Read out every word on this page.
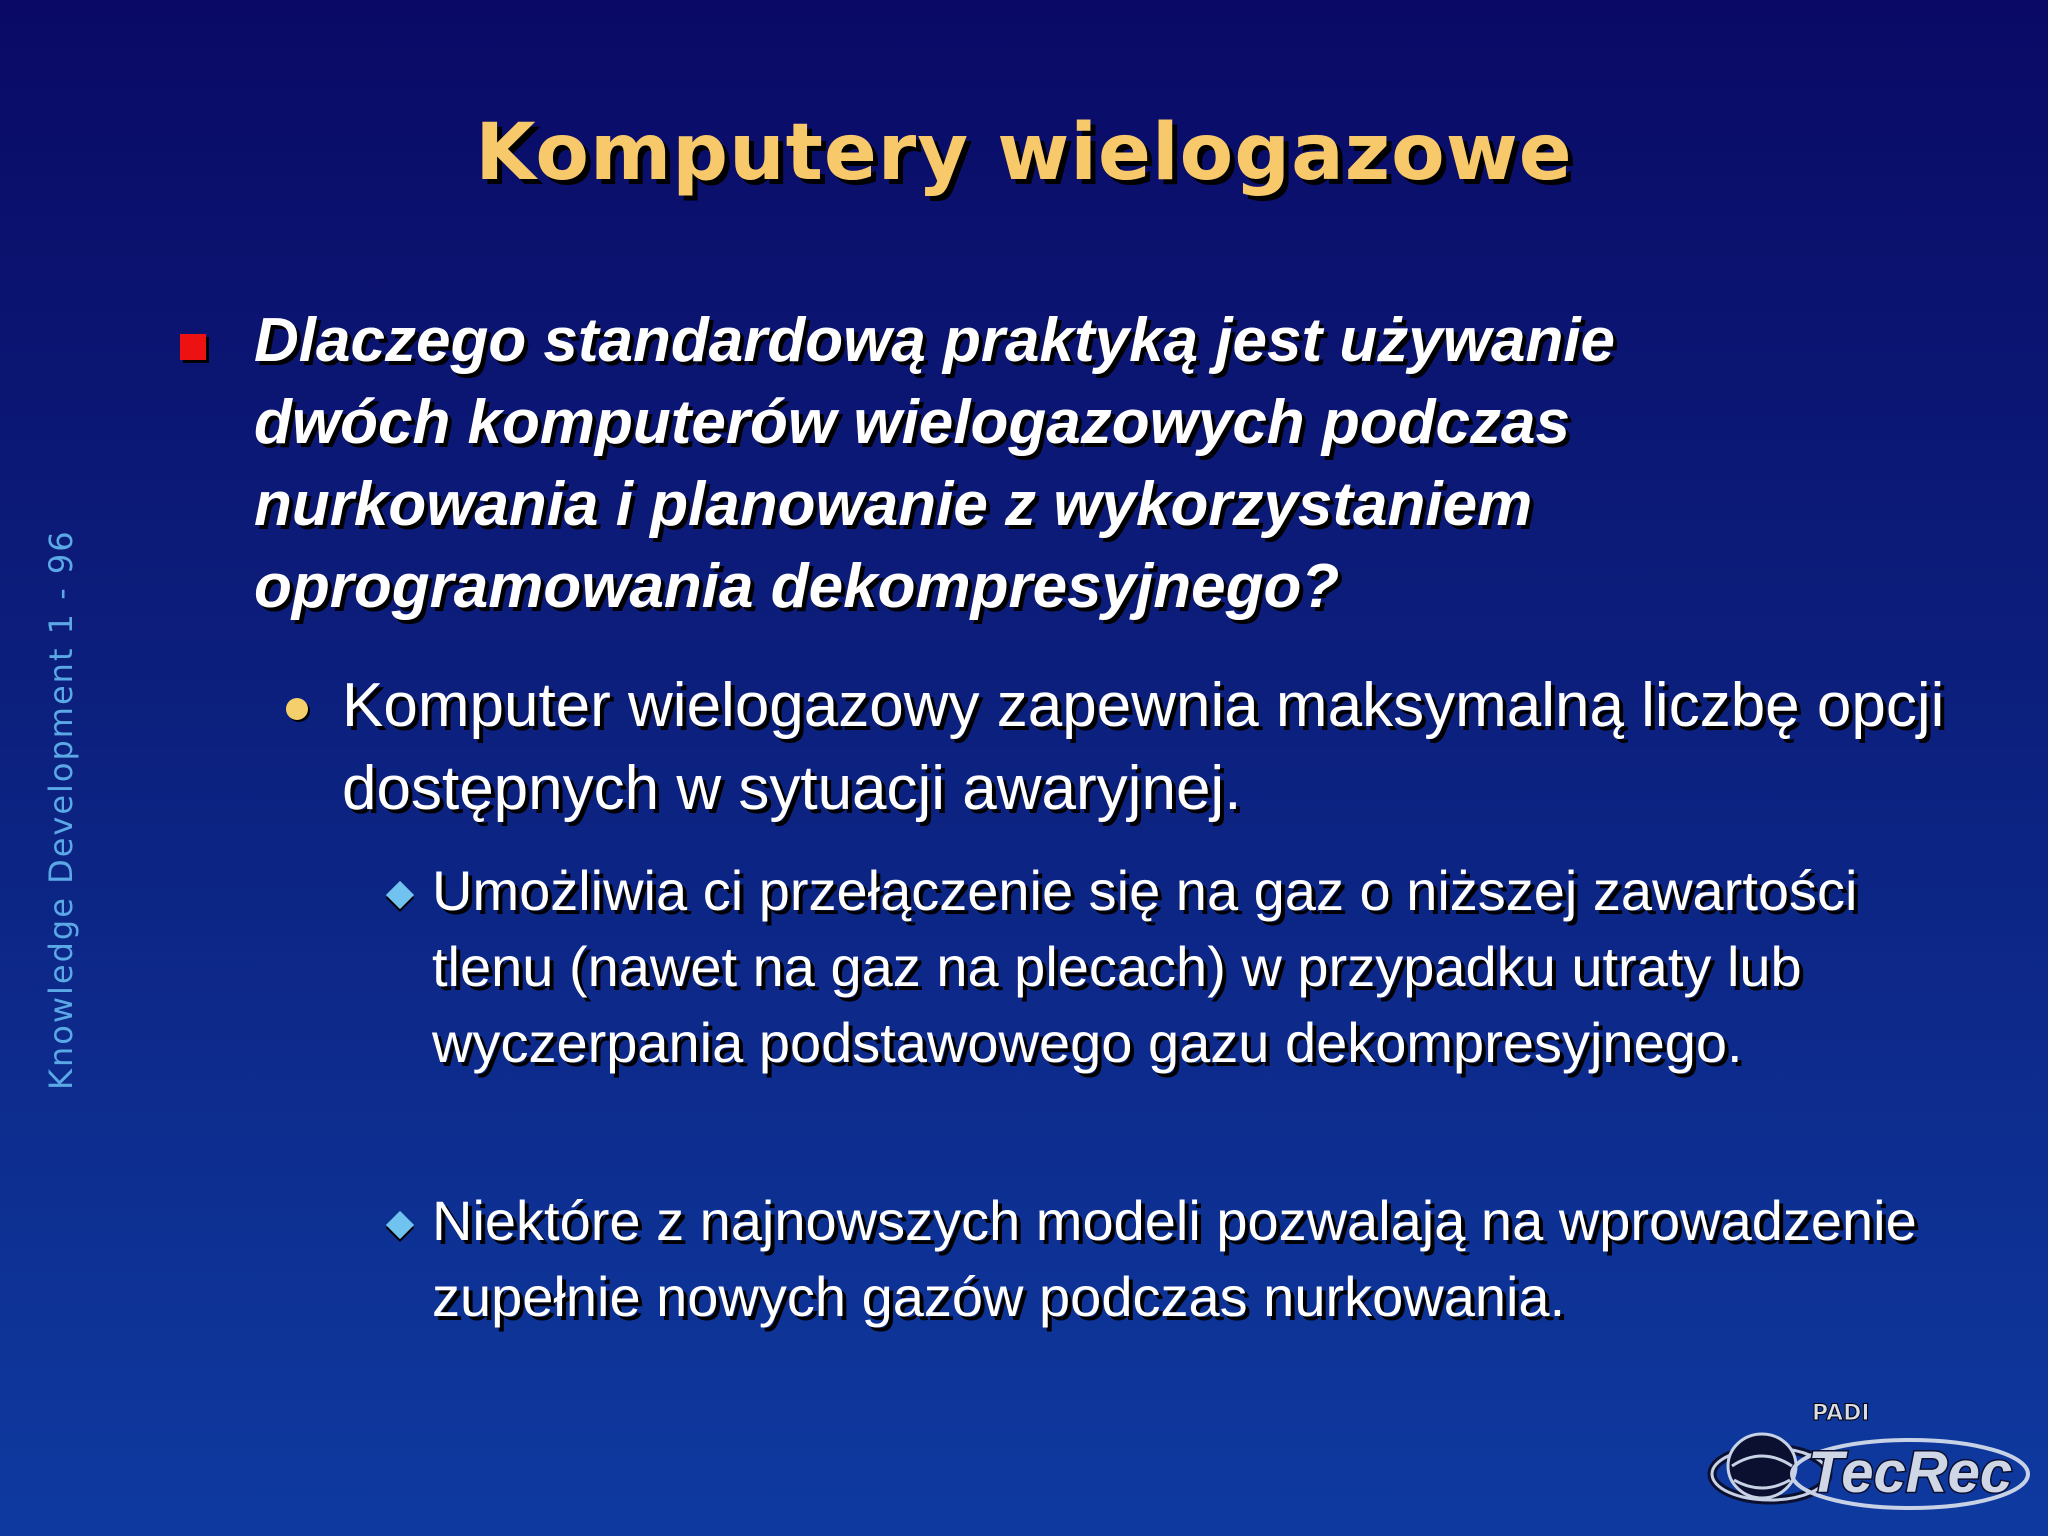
Komputery wielogazowe
Knowledge Development 1 - 96
Dlaczego standardową praktyką jest używanie dwóch komputerów wielogazowych podczas nurkowania i planowanie z wykorzystaniem oprogramowania dekompresyjnego?
Komputer wielogazowy zapewnia maksymalną liczbę opcji dostępnych w sytuacji awaryjnej.
Umożliwia ci przełączenie się na gaz o niższej zawartości tlenu (nawet na gaz na plecach) w przypadku utraty lub wyczerpania podstawowego gazu dekompresyjnego.
Niektóre z najnowszych modeli pozwalają na wprowadzenie zupełnie nowych gazów podczas nurkowania.
PADI
TecRec
